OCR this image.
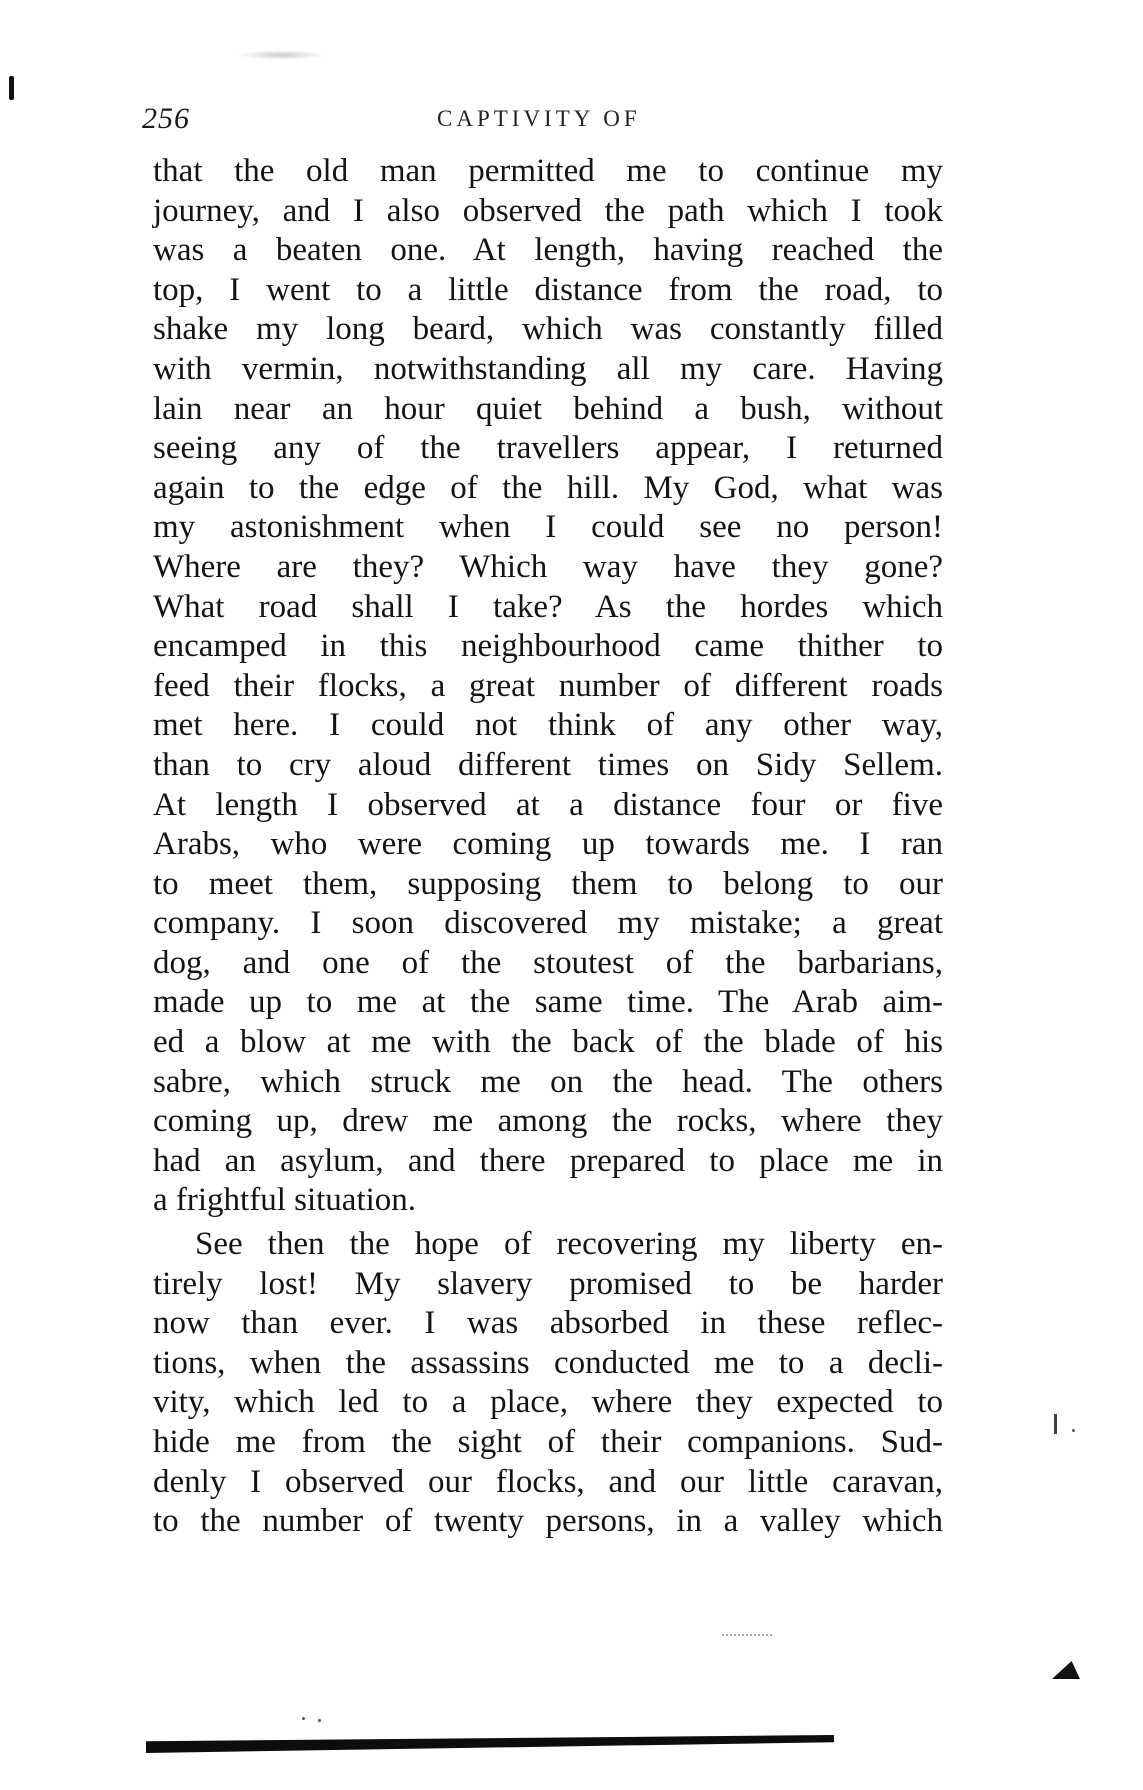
256	CAPTIVITY OF
that the old man permitted me to continue my
journey, and I also observed the path which I took
was a beaten one. At length, having reached the
top, I went to a little distance from the road, to
shake my long beard, which was constantly filled
with vermin, notwithstanding all my care. Having
lain near an hour quiet behind a bush, without
seeing any of the travellers appear, I returned
again to the edge of the hill. My God, what was
my astonishment when I could see no person!
Where are they? Which way have they gone?
What road shall I take? As the hordes which
encamped in this neighbourhood came thither to
feed their flocks, a great number of different roads
met here. I could not think of any other way,
than to cry aloud different times on Sidy Sellem.
At length I observed at a distance four or five
Arabs, who were coming up towards me. I ran
to meet them, supposing them to belong to our
company. I soon discovered my mistake; a great
dog, and one of the stoutest of the barbarians,
made up to me at the same time. The Arab aim-
ed a blow at me with the back of the blade of his
sabre, which struck me on the head. The others
coming up, drew me among the rocks, where they
had an asylum, and there prepared to place me in
a frightful situation.
See then the hope of recovering my liberty en-
tirely lost! My slavery promised to be harder
now than ever. I was absorbed in these reflec-
tions, when the assassins conducted me to a decli-
vity, which led to a place, where they expected to
hide me from the sight of their companions. Sud-
denly I observed our flocks, and our little caravan,
to the number of twenty persons, in a valley which
